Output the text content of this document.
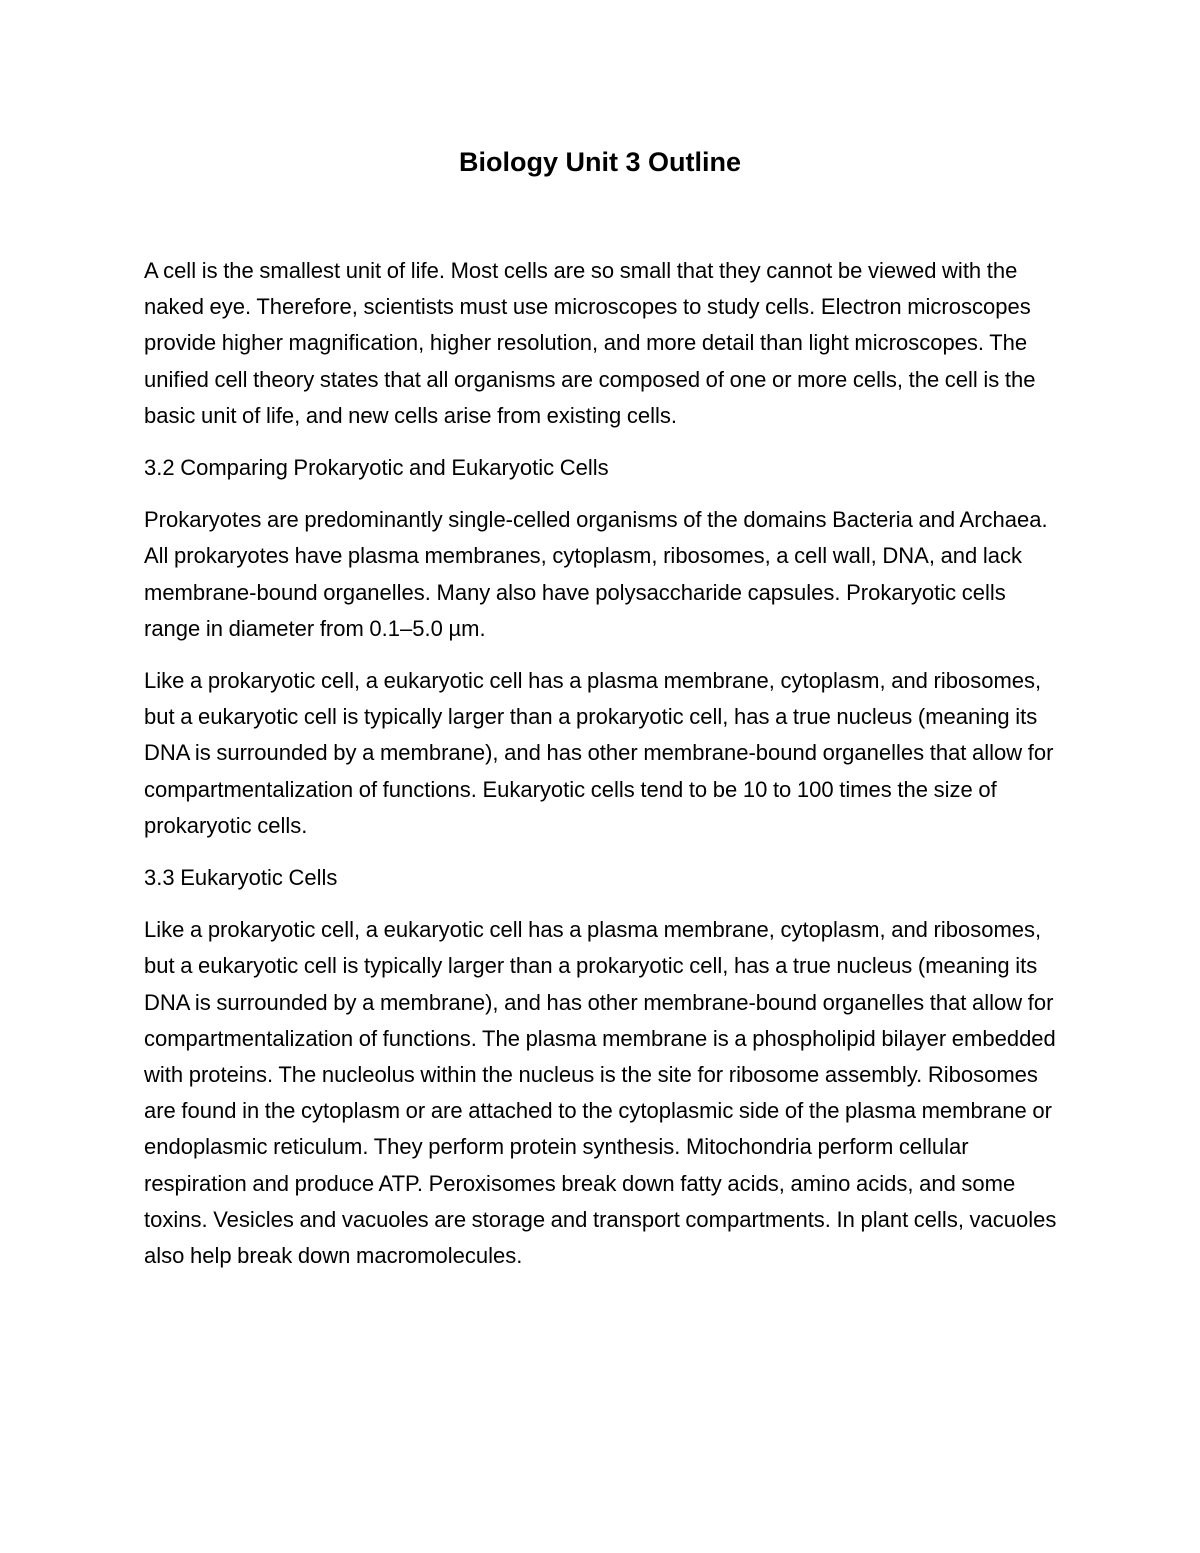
Biology Unit 3 Outline

A cell is the smallest unit of life. Most cells are so small that they cannot be viewed with the naked eye. Therefore, scientists must use microscopes to study cells. Electron microscopes provide higher magnification, higher resolution, and more detail than light microscopes. The unified cell theory states that all organisms are composed of one or more cells, the cell is the basic unit of life, and new cells arise from existing cells.

3.2 Comparing Prokaryotic and Eukaryotic Cells

Prokaryotes are predominantly single-celled organisms of the domains Bacteria and Archaea. All prokaryotes have plasma membranes, cytoplasm, ribosomes, a cell wall, DNA, and lack membrane-bound organelles. Many also have polysaccharide capsules. Prokaryotic cells range in diameter from 0.1–5.0 µm.

Like a prokaryotic cell, a eukaryotic cell has a plasma membrane, cytoplasm, and ribosomes, but a eukaryotic cell is typically larger than a prokaryotic cell, has a true nucleus (meaning its DNA is surrounded by a membrane), and has other membrane-bound organelles that allow for compartmentalization of functions. Eukaryotic cells tend to be 10 to 100 times the size of prokaryotic cells.

3.3 Eukaryotic Cells

Like a prokaryotic cell, a eukaryotic cell has a plasma membrane, cytoplasm, and ribosomes, but a eukaryotic cell is typically larger than a prokaryotic cell, has a true nucleus (meaning its DNA is surrounded by a membrane), and has other membrane-bound organelles that allow for compartmentalization of functions. The plasma membrane is a phospholipid bilayer embedded with proteins. The nucleolus within the nucleus is the site for ribosome assembly. Ribosomes are found in the cytoplasm or are attached to the cytoplasmic side of the plasma membrane or endoplasmic reticulum. They perform protein synthesis. Mitochondria perform cellular respiration and produce ATP. Peroxisomes break down fatty acids, amino acids, and some toxins. Vesicles and vacuoles are storage and transport compartments. In plant cells, vacuoles also help break down macromolecules.
